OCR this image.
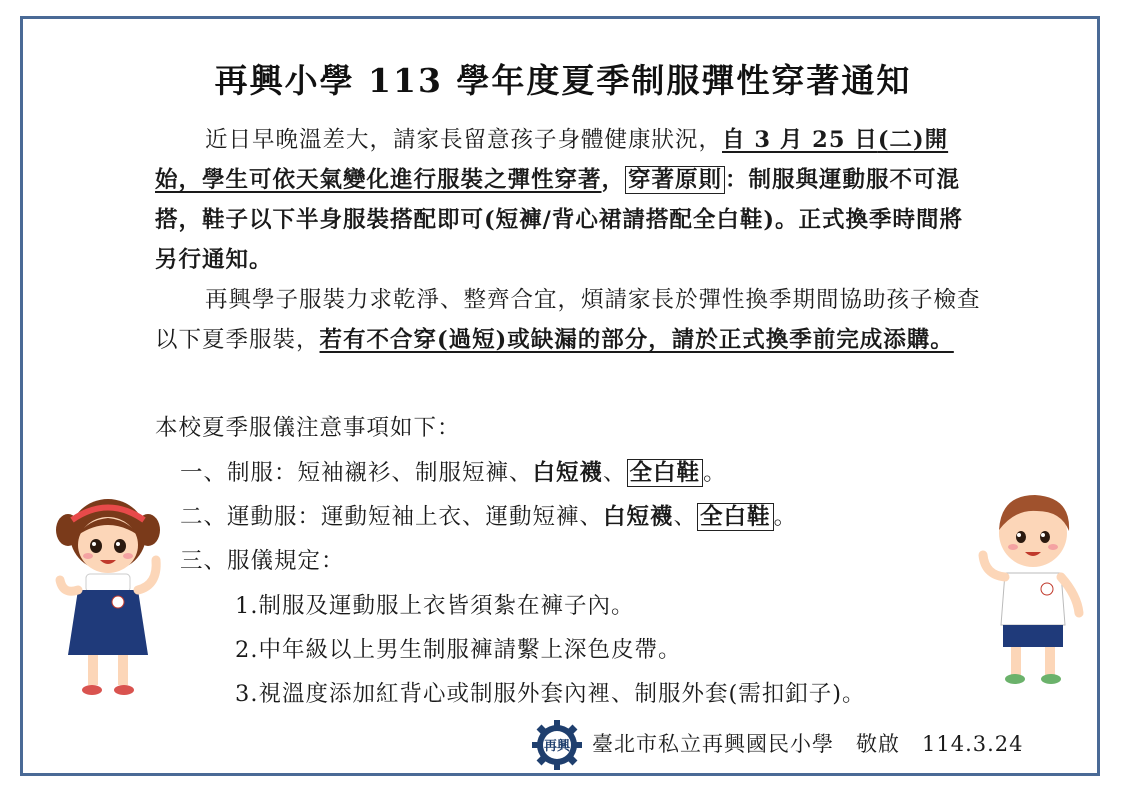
再興小學 113 學年度夏季制服彈性穿著通知
近日早晚溫差大，請家長留意孩子身體健康狀況，自 3 月 25 日(二)開始，學生可依天氣變化進行服裝之彈性穿著， 穿著原則 ：制服與運動服不可混搭，鞋子以下半身服裝搭配即可(短褲/背心裙請搭配全白鞋)。正式換季時間將另行通知。
再興學子服裝力求乾淨、整齊合宜，煩請家長於彈性換季期間協助孩子檢查以下夏季服裝，若有不合穿(過短)或缺漏的部分，請於正式換季前完成添購。
本校夏季服儀注意事項如下：
一、制服：短袖襯衫、制服短褲、白短襪、 全白鞋 。
二、運動服：運動短袖上衣、運動短褲、白短襪、 全白鞋 。
三、服儀規定：
1.制服及運動服上衣皆須紮在褲子內。
2.中年級以上男生制服褲請繫上深色皮帶。
3.視溫度添加紅背心或制服外套內裡、制服外套(需扣釦子)。
再興 臺北市私立再興國民小學 敬啟 114.3.24
